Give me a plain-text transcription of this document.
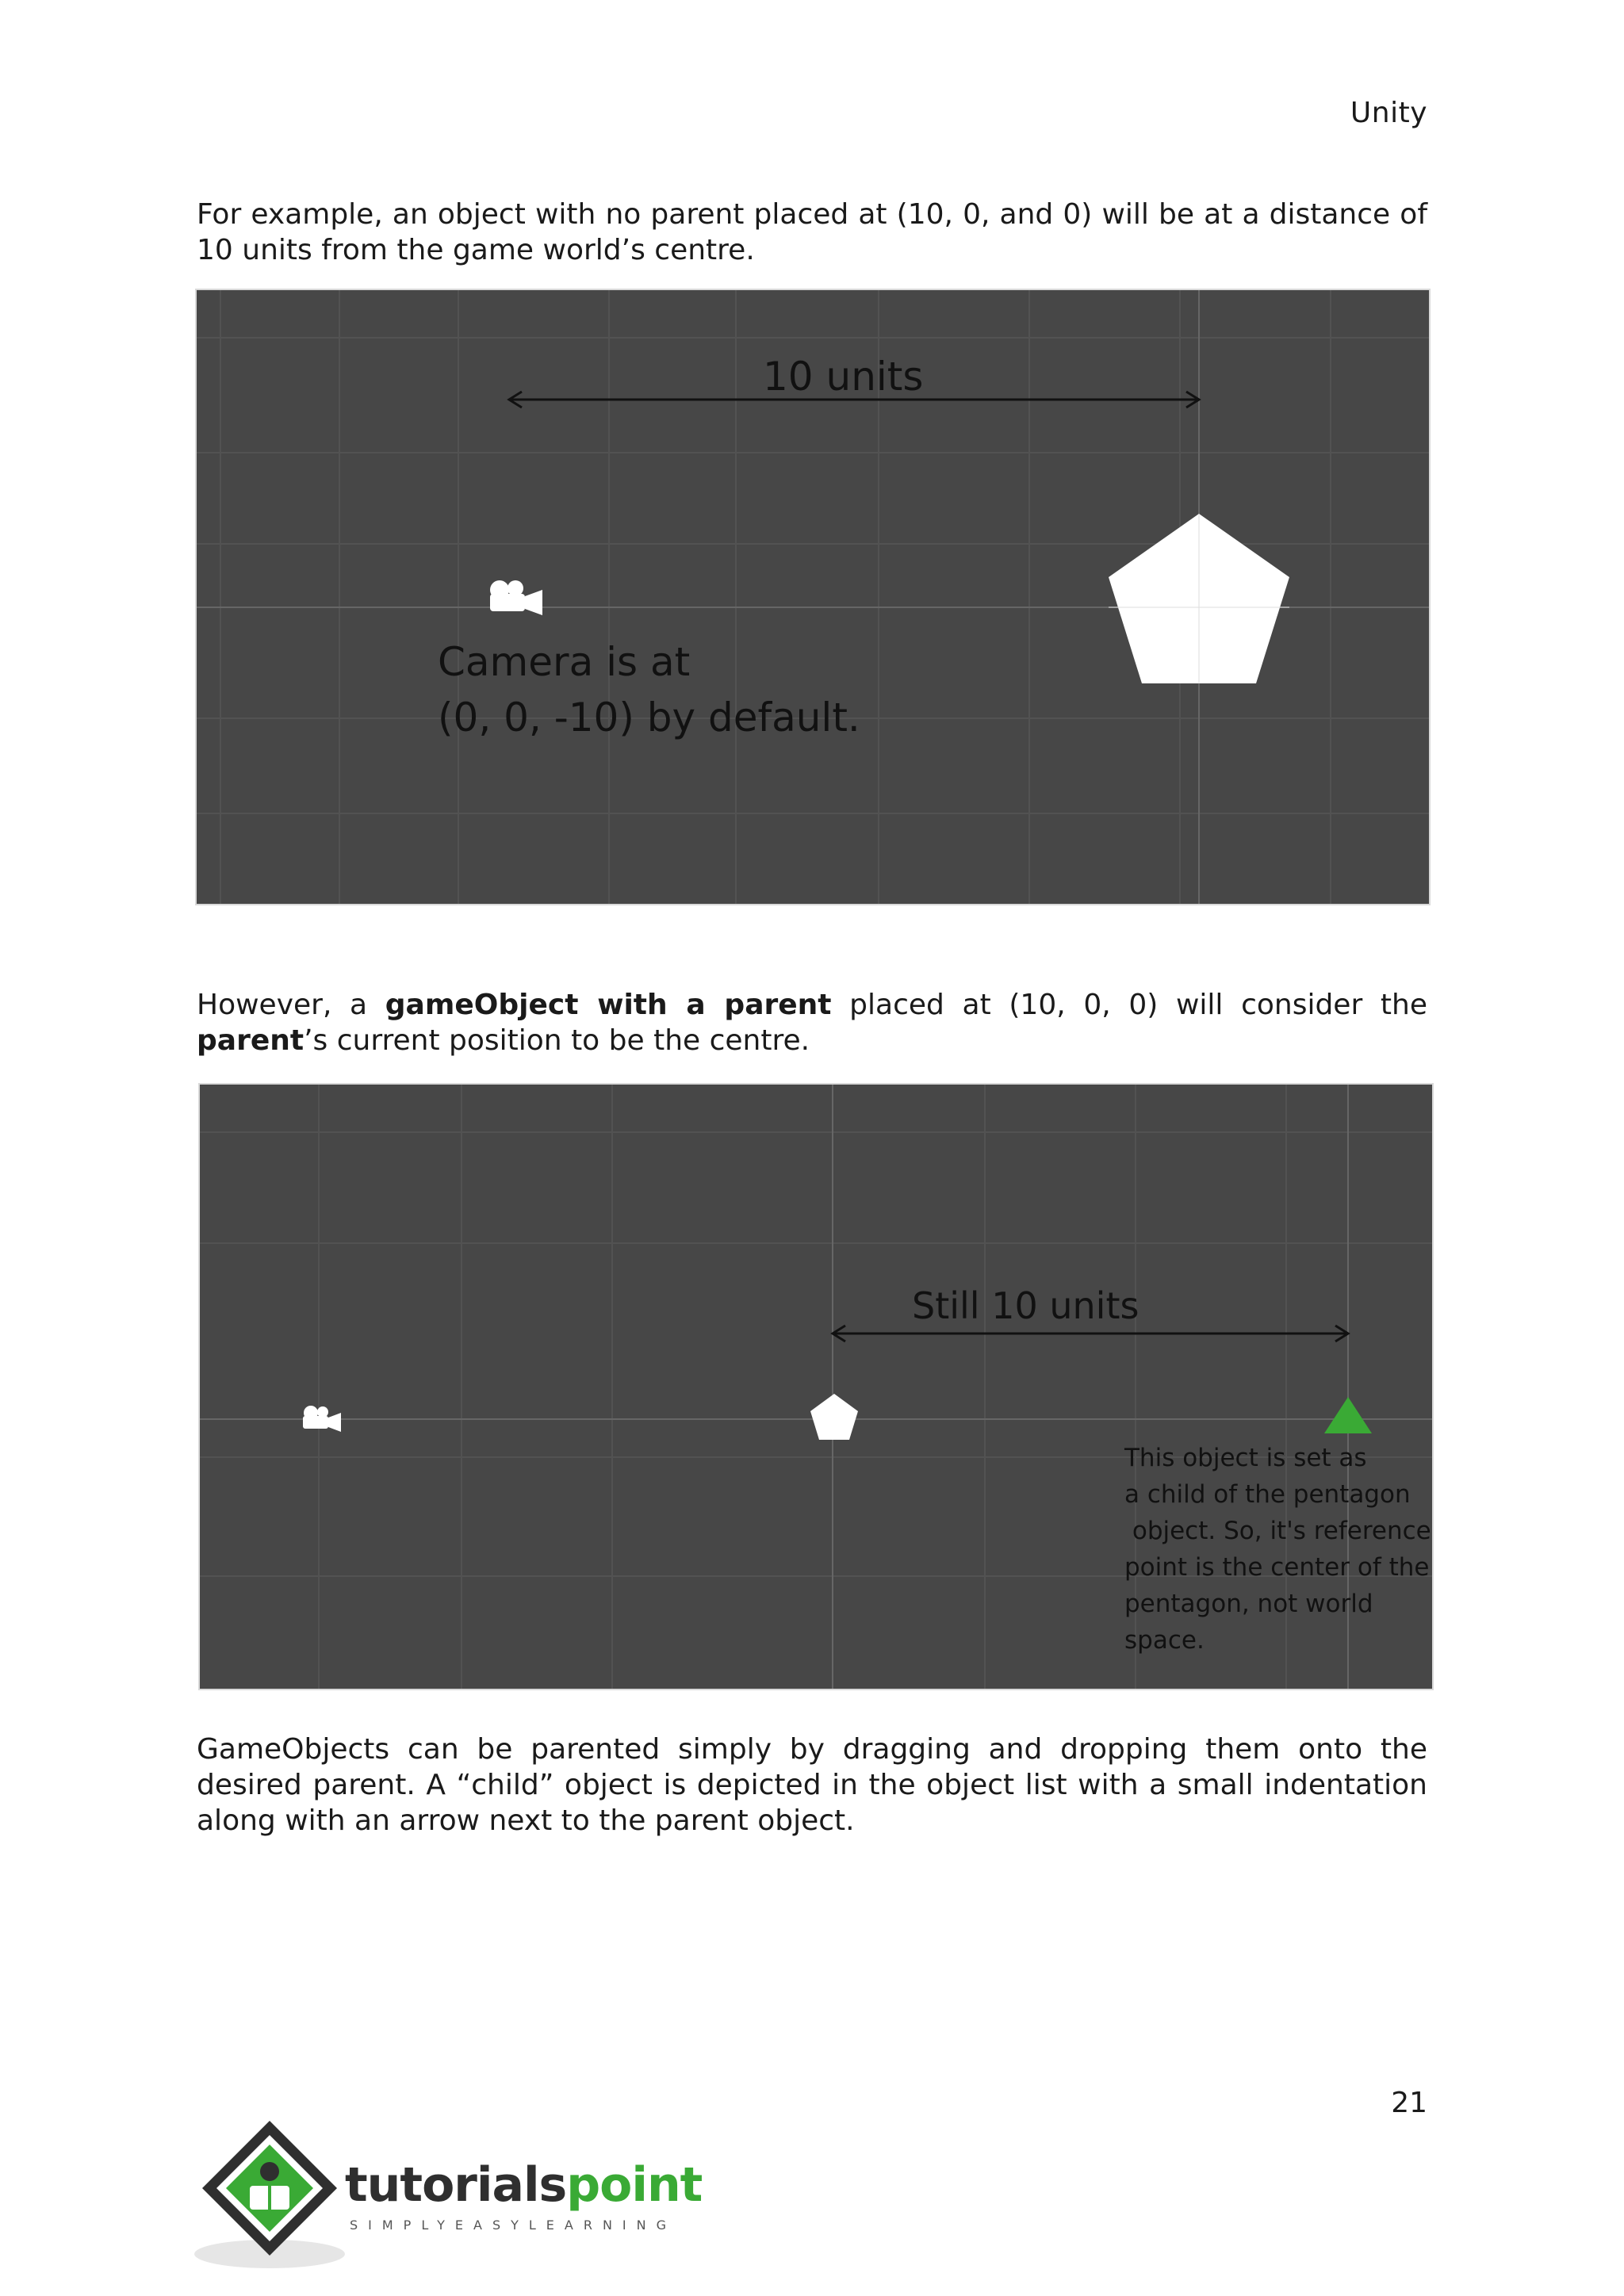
Unity
For example, an object with no parent placed at (10, 0, and 0) will be at a distance of 10 units from the game world’s centre.
10 units
Camera is at
(0, 0, -10) by default.
However, a gameObject with a parent placed at (10, 0, 0) will consider the parent’s current position to be the centre.
Still 10 units
This object is set as
a child of the pentagon
object. So, it's reference
point is the center of the
pentagon, not world
space.
GameObjects can be parented simply by dragging and dropping them onto the desired parent. A “child” object is depicted in the object list with a small indentation along with an arrow next to the parent object.
21
tutorialspoint
SIMPLYEASYLEARNING
